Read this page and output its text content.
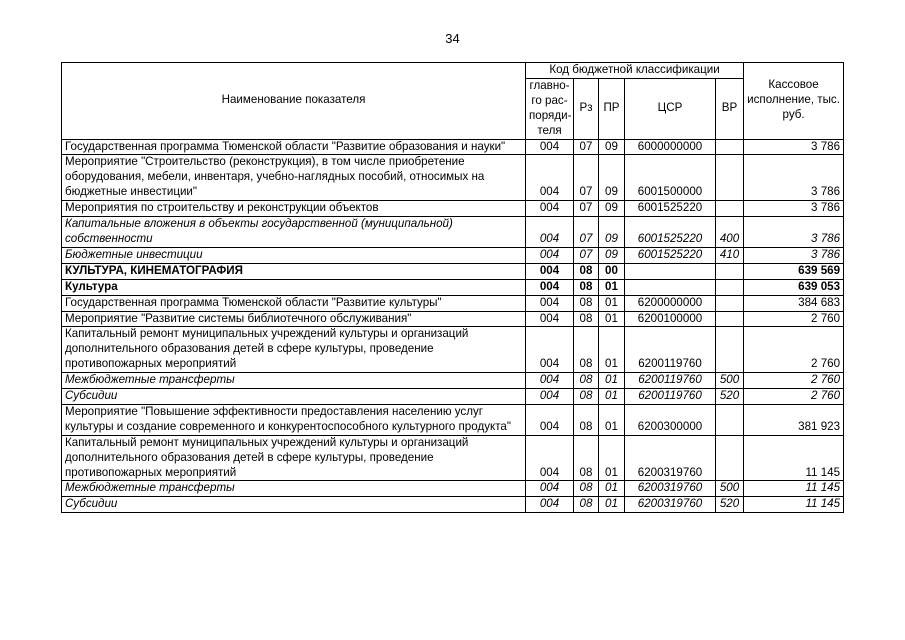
34
Наименование показателя	Код бюджетной классификации					Кассовое исполнение, тыс. руб.
	главно- го рас- поряди- теля	Рз	ПР	ЦСР	ВР	
Государственная программа Тюменской области "Развитие образования и науки"	004	07	09	6000000000		3 786
Мероприятие "Строительство (реконструкция), в том числе приобретение оборудования, мебели, инвентаря, учебно-наглядных пособий, относимых на бюджетные инвестиции"	004	07	09	6001500000		3 786
Мероприятия по строительству и реконструкции объектов	004	07	09	6001525220		3 786
Капитальные вложения в объекты государственной (муниципальной) собственности	004	07	09	6001525220	400	3 786
Бюджетные инвестиции	004	07	09	6001525220	410	3 786
КУЛЬТУРА, КИНЕМАТОГРАФИЯ	004	08	00			639 569
Культура	004	08	01			639 053
Государственная программа Тюменской области "Развитие культуры"	004	08	01	6200000000		384 683
Мероприятие "Развитие системы библиотечного обслуживания"	004	08	01	6200100000		2 760
Капитальный ремонт муниципальных учреждений культуры и организаций дополнительного образования детей в сфере культуры, проведение противопожарных мероприятий	004	08	01	6200119760		2 760
Межбюджетные трансферты	004	08	01	6200119760	500	2 760
Субсидии	004	08	01	6200119760	520	2 760
Мероприятие "Повышение эффективности предоставления населению услуг культуры и создание современного и конкурентоспособного культурного продукта"	004	08	01	6200300000		381 923
Капитальный ремонт муниципальных учреждений культуры и организаций дополнительного образования детей в сфере культуры, проведение противопожарных мероприятий	004	08	01	6200319760		11 145
Межбюджетные трансферты	004	08	01	6200319760	500	11 145
Субсидии	004	08	01	6200319760	520	11 145
